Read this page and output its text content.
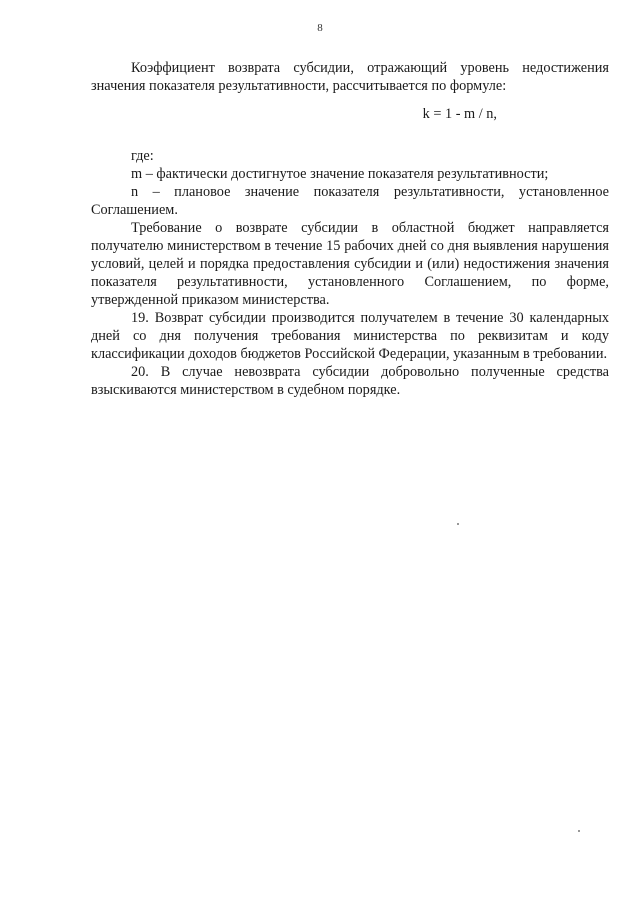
8

Коэффициент возврата субсидии, отражающий уровень недостижения значения показателя результативности, рассчитывается по формуле:

k = 1 - m / n,

где:

m – фактически достигнутое значение показателя результативности;

n – плановое значение показателя результативности, установленное Соглашением.

Требование о возврате субсидии в областной бюджет направляется получателю министерством в течение 15 рабочих дней со дня выявления нарушения условий, целей и порядка предоставления субсидии и (или) недостижения значения показателя результативности, установленного Соглашением, по форме, утвержденной приказом министерства.

19. Возврат субсидии производится получателем в течение 30 календарных дней со дня получения требования министерства по реквизитам и коду классификации доходов бюджетов Российской Федерации, указанным в требовании.

20. В случае невозврата субсидии добровольно полученные средства взыскиваются министерством в судебном порядке.
